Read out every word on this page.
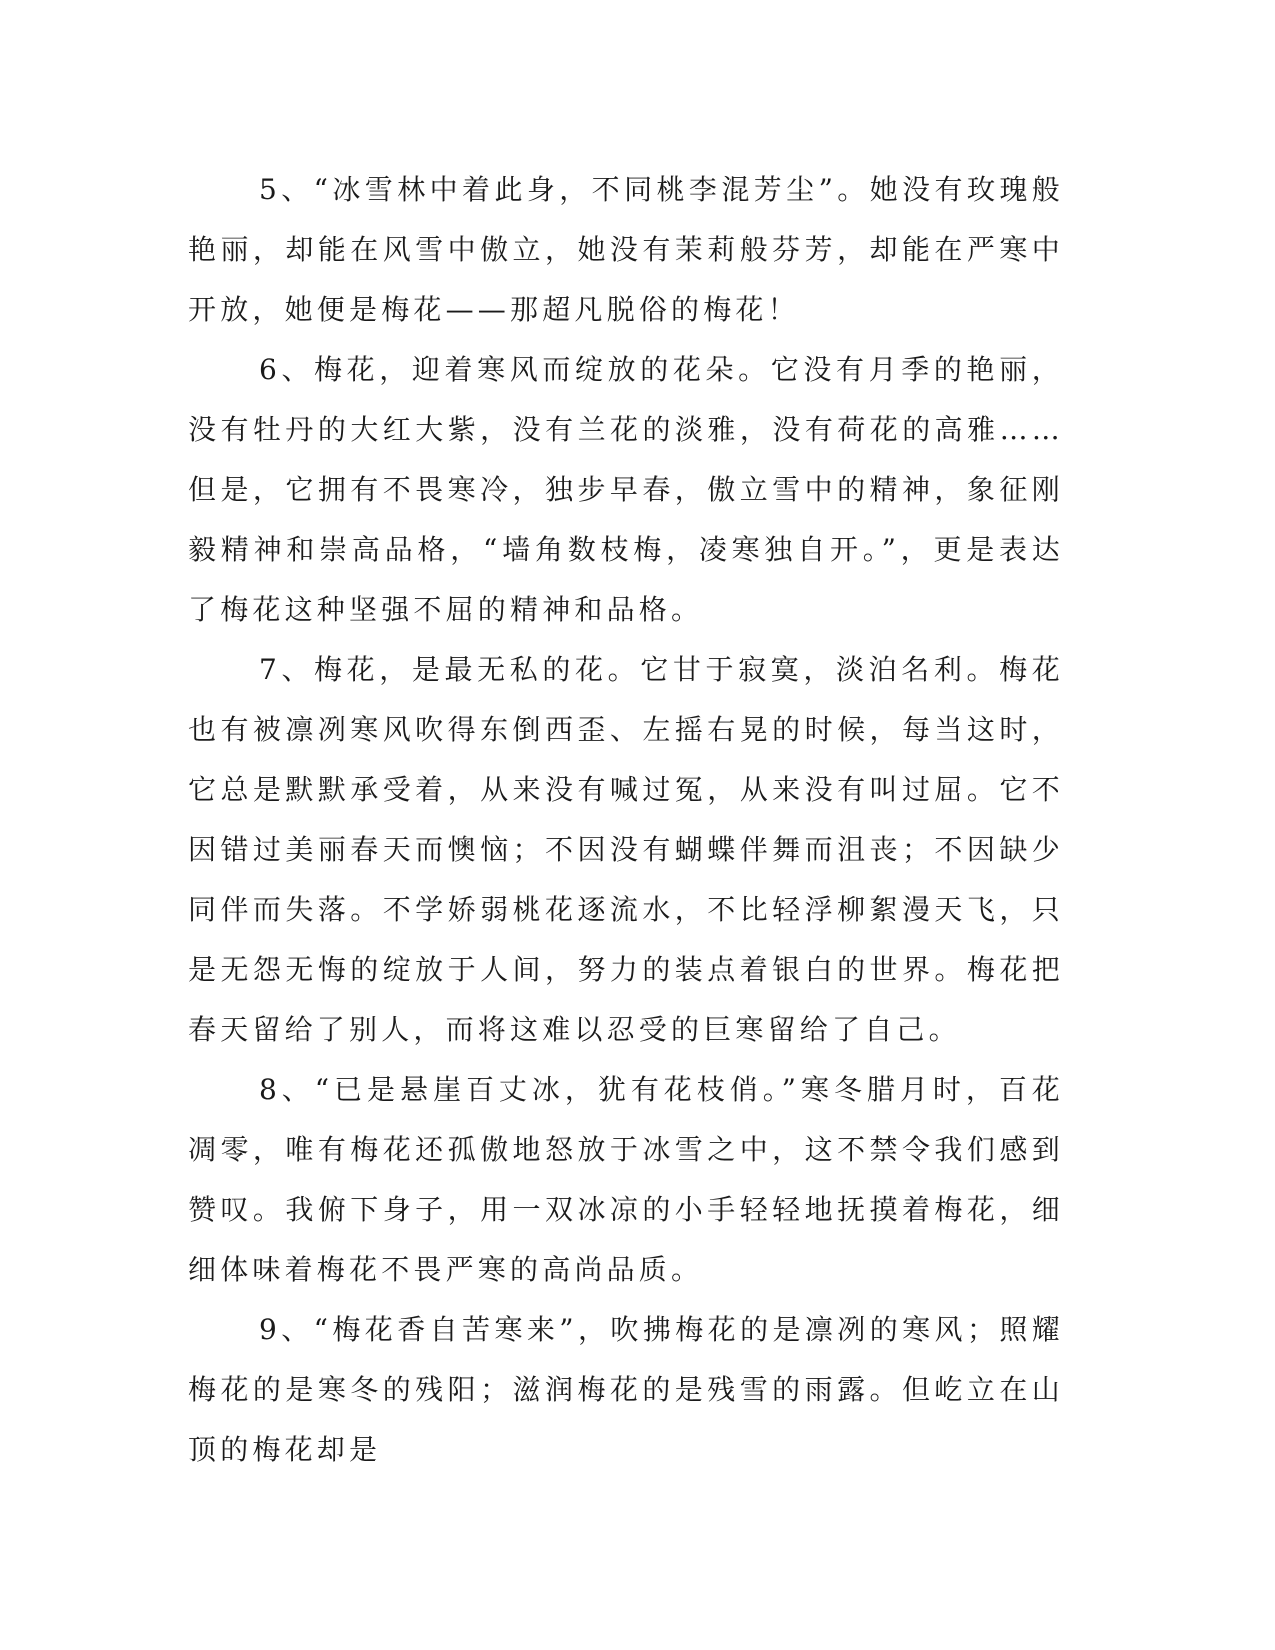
5、“冰雪林中着此身，不同桃李混芳尘”。她没有玫瑰般艳丽，却能在风雪中傲立，她没有茉莉般芬芳，却能在严寒中开放，她便是梅花——那超凡脱俗的梅花！

6、梅花，迎着寒风而绽放的花朵。它没有月季的艳丽，没有牡丹的大红大紫，没有兰花的淡雅，没有荷花的高雅……但是，它拥有不畏寒冷，独步早春，傲立雪中的精神，象征刚毅精神和崇高品格，“墙角数枝梅，凌寒独自开。”，更是表达了梅花这种坚强不屈的精神和品格。

7、梅花，是最无私的花。它甘于寂寞，淡泊名利。梅花也有被凛冽寒风吹得东倒西歪、左摇右晃的时候，每当这时，它总是默默承受着，从来没有喊过冤，从来没有叫过屈。它不因错过美丽春天而懊恼；不因没有蝴蝶伴舞而沮丧；不因缺少同伴而失落。不学娇弱桃花逐流水，不比轻浮柳絮漫天飞，只是无怨无悔的绽放于人间，努力的装点着银白的世界。梅花把春天留给了别人，而将这难以忍受的巨寒留给了自己。

8、“已是悬崖百丈冰，犹有花枝俏。”寒冬腊月时，百花凋零，唯有梅花还孤傲地怒放于冰雪之中，这不禁令我们感到赞叹。我俯下身子，用一双冰凉的小手轻轻地抚摸着梅花，细细体味着梅花不畏严寒的高尚品质。

9、“梅花香自苦寒来”，吹拂梅花的是凛冽的寒风；照耀梅花的是寒冬的残阳；滋润梅花的是残雪的雨露。但屹立在山顶的梅花却是
